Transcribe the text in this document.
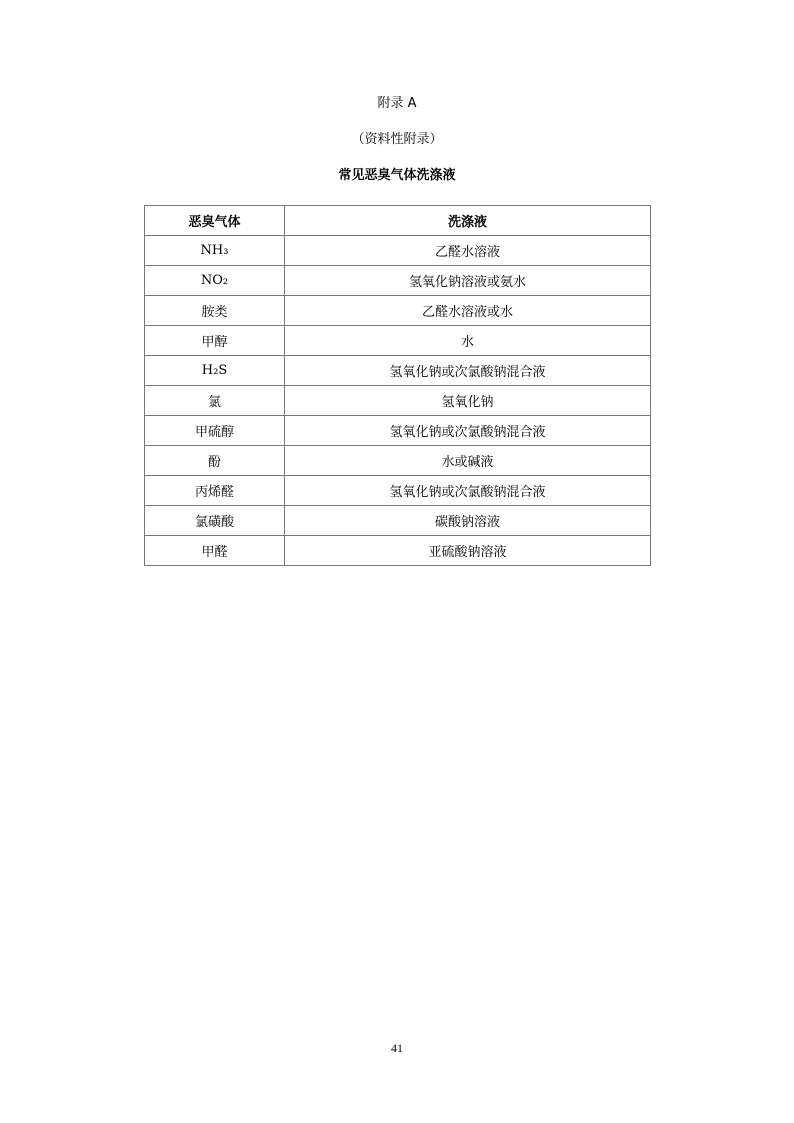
附录 A
（资料性附录）
常见恶臭气体洗涤液
恶臭气体	洗涤液
NH₃	乙醛水溶液
NO₂	氢氧化钠溶液或氨水
胺类	乙醛水溶液或水
甲醇	水
H₂S	氢氧化钠或次氯酸钠混合液
氯	氢氧化钠
甲硫醇	氢氧化钠或次氯酸钠混合液
酚	水或碱液
丙烯醛	氢氧化钠或次氯酸钠混合液
氯磺酸	碳酸钠溶液
甲醛	亚硫酸钠溶液
41
